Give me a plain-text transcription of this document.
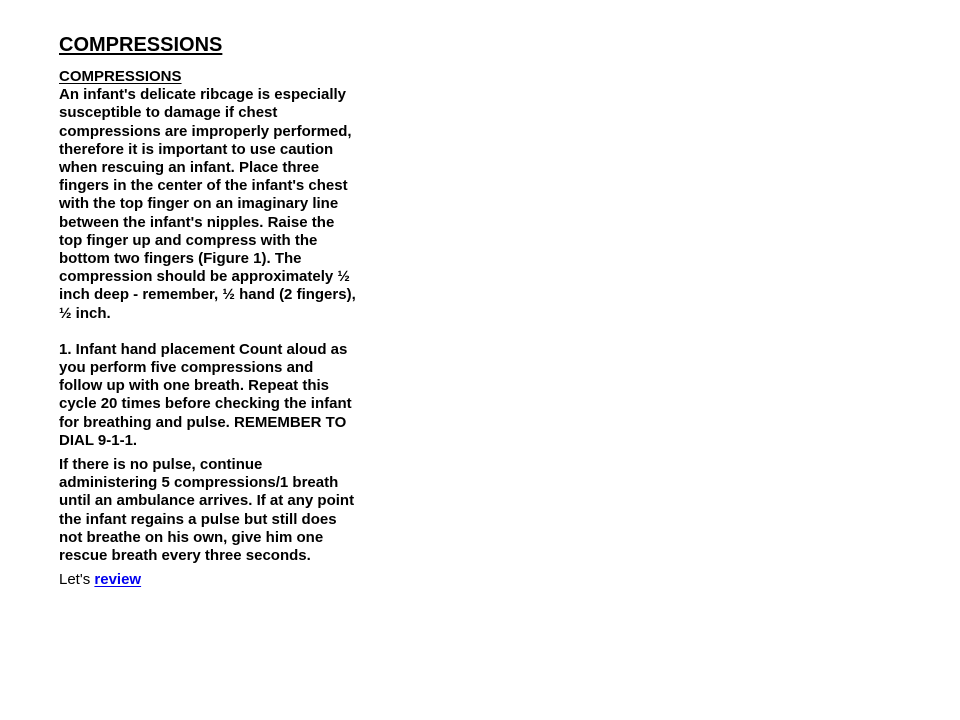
COMPRESSIONS

COMPRESSIONS

An infant's delicate ribcage is especially susceptible to damage if chest compressions are improperly performed, therefore it is important to use caution when rescuing an infant. Place three fingers in the center of the infant's chest with the top finger on an imaginary line between the infant's nipples. Raise the top finger up and compress with the bottom two fingers (Figure 1). The compression should be approximately ½ inch deep - remember, ½ hand (2 fingers), ½ inch.

1. Infant hand placement Count aloud as you perform five compressions and follow up with one breath. Repeat this cycle 20 times before checking the infant for breathing and pulse. REMEMBER TO DIAL 9-1-1.

If there is no pulse, continue administering 5 compressions/1 breath until an ambulance arrives. If at any point the infant regains a pulse but still does not breathe on his own, give him one rescue breath every three seconds.

Let's review
